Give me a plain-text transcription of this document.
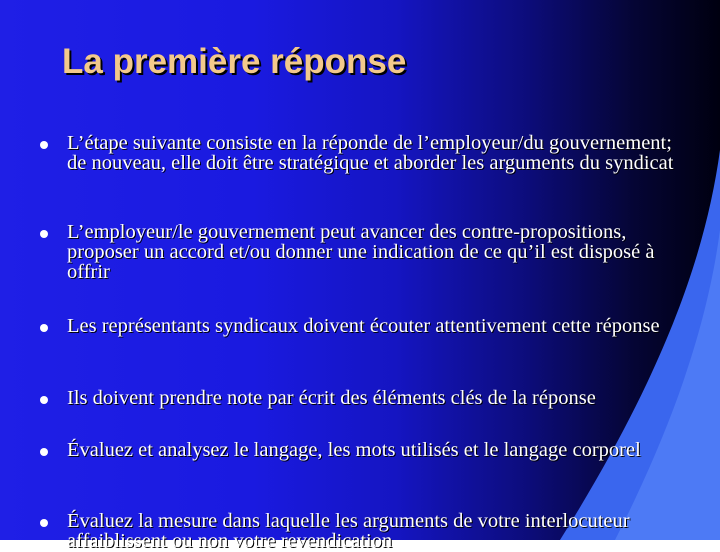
La première réponse

L’étape suivante consiste en la réponde de l’employeur/du gouvernement; de nouveau, elle doit être stratégique et aborder les arguments du syndicat

L’employeur/le gouvernement peut avancer des contre-propositions, proposer un accord et/ou donner une indication de ce qu’il est disposé à offrir

Les représentants syndicaux doivent écouter attentivement cette réponse

Ils doivent prendre note par écrit des éléments clés de la réponse

Évaluez et analysez le langage, les mots utilisés et le langage corporel

Évaluez la mesure dans laquelle les arguments de votre interlocuteur affaiblissent ou non votre revendication
